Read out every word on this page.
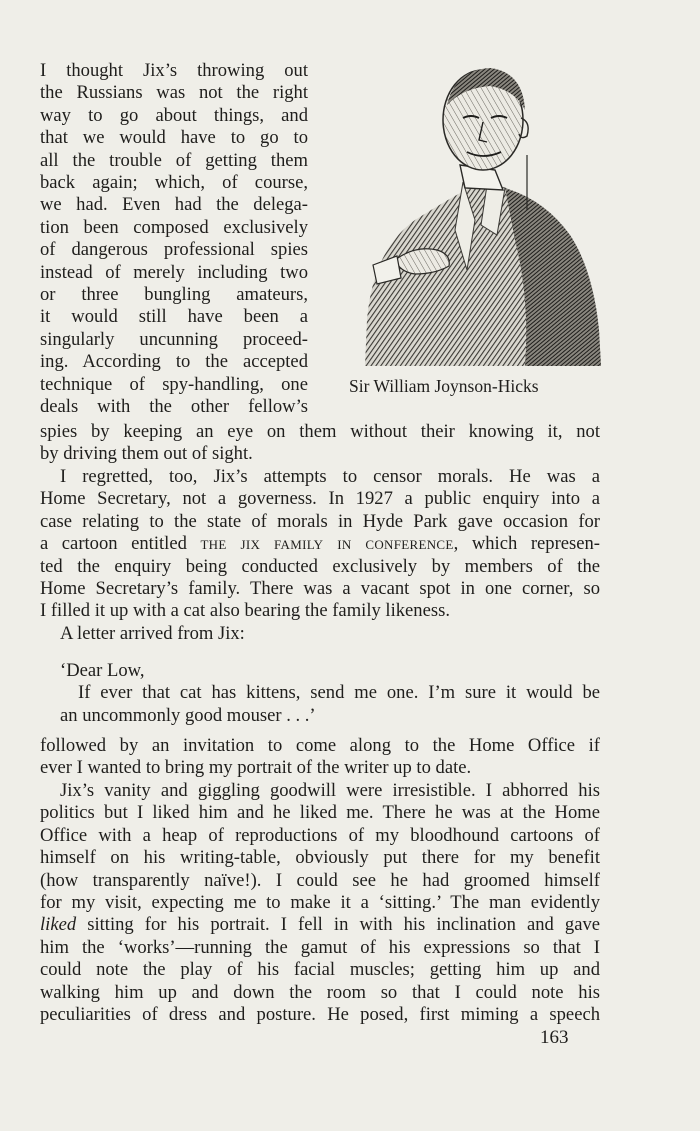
I thought Jix’s throwing out
the Russians was not the right
way to go about things, and
that we would have to go to
all the trouble of getting them
back again; which, of course,
we had. Even had the delega-
tion been composed exclusively
of dangerous professional spies
instead of merely including two
or three bungling amateurs,
it would still have been a
singularly uncunning proceed-
ing. According to the accepted
technique of spy-handling, one
deals with the other fellow’s
Sir William Joynson-Hicks
spies by keeping an eye on them without their knowing it, not
by driving them out of sight.
I regretted, too, Jix’s attempts to censor morals. He was a
Home Secretary, not a governess. In 1927 a public enquiry into a
case relating to the state of morals in Hyde Park gave occasion for
a cartoon entitled the jix family in conference, which represen-
ted the enquiry being conducted exclusively by members of the
Home Secretary’s family. There was a vacant spot in one corner, so
I filled it up with a cat also bearing the family likeness.
A letter arrived from Jix:
‘Dear Low,
If ever that cat has kittens, send me one. I’m sure it would be
an uncommonly good mouser . . .’
followed by an invitation to come along to the Home Office if
ever I wanted to bring my portrait of the writer up to date.
Jix’s vanity and giggling goodwill were irresistible. I abhorred his
politics but I liked him and he liked me. There he was at the Home
Office with a heap of reproductions of my bloodhound cartoons of
himself on his writing-table, obviously put there for my benefit
(how transparently naïve!). I could see he had groomed himself
for my visit, expecting me to make it a ‘sitting.’ The man evidently
liked sitting for his portrait. I fell in with his inclination and gave
him the ‘works’—running the gamut of his expressions so that I
could note the play of his facial muscles; getting him up and
walking him up and down the room so that I could note his
peculiarities of dress and posture. He posed, first miming a speech
163
